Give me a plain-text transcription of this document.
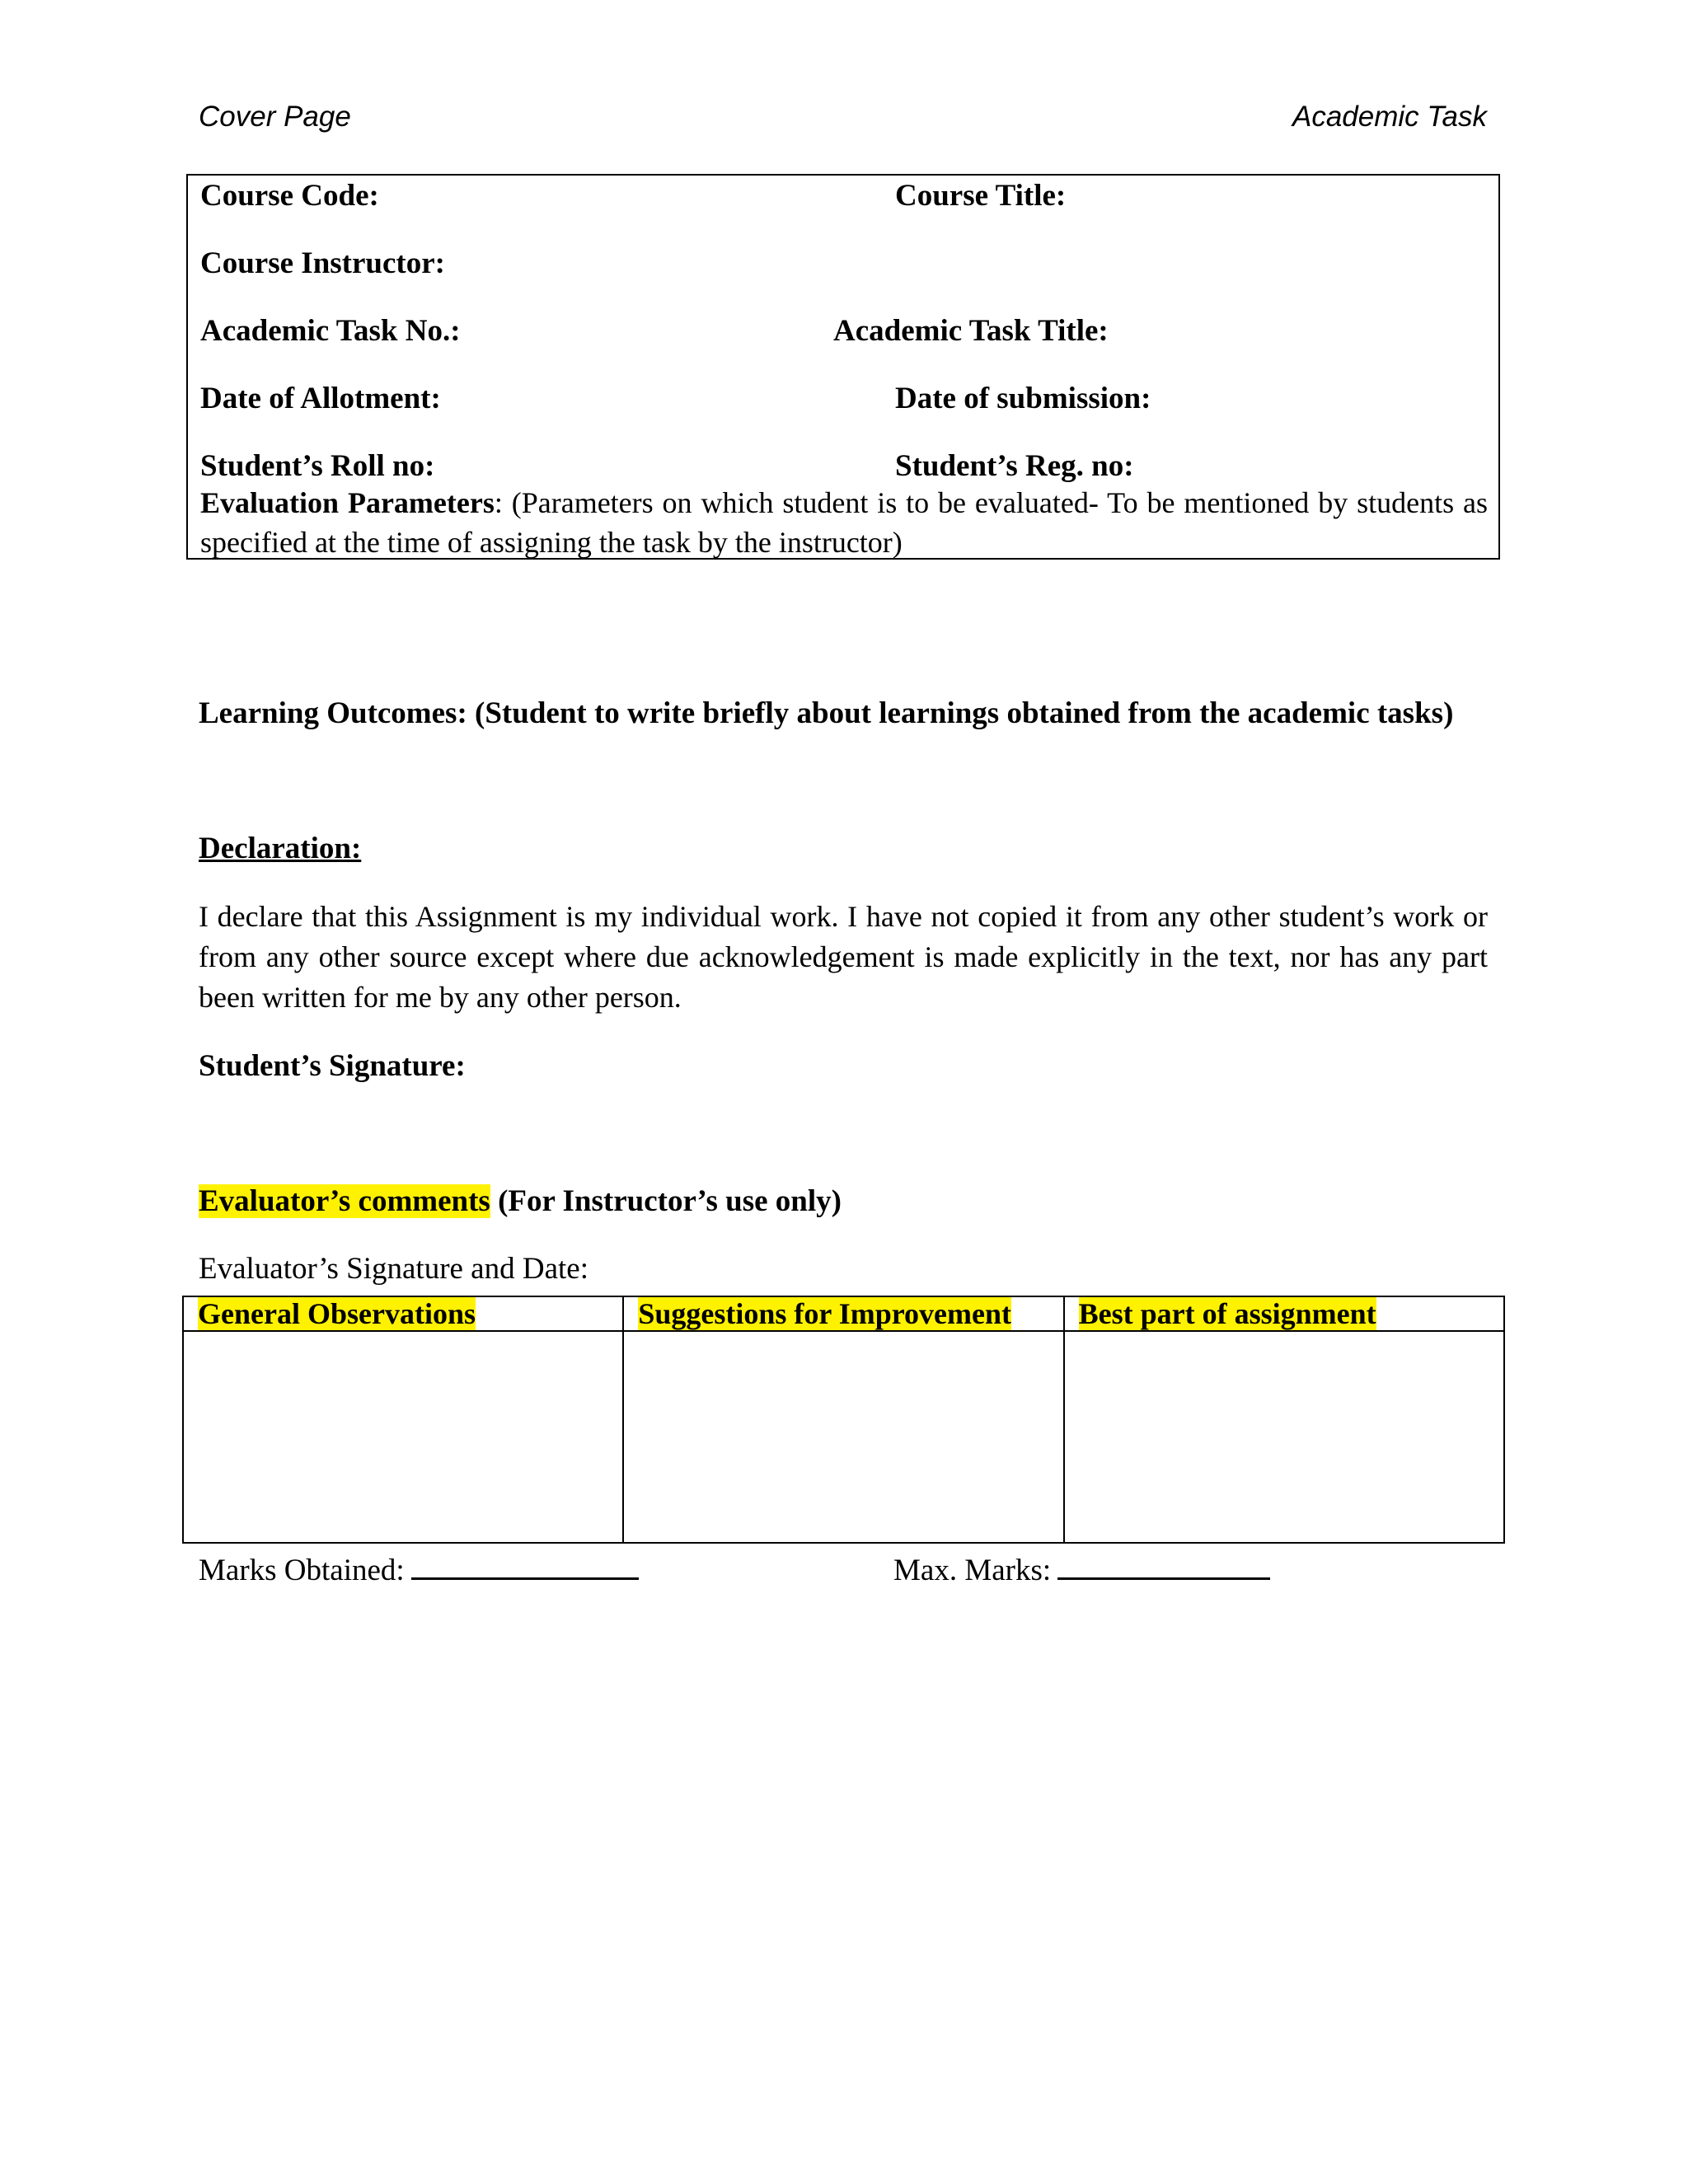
Cover Page	Academic Task
Course Code:	Course Title:
Course Instructor:
Academic Task No.:	Academic Task Title:
Date of Allotment:	Date of submission:
Student’s Roll no:	Student’s Reg. no:
Evaluation Parameters: (Parameters on which student is to be evaluated- To be mentioned by students as specified at the time of assigning the task by the instructor)
Learning Outcomes: (Student to write briefly about learnings obtained from the academic tasks)
Declaration:
I declare that this Assignment is my individual work. I have not copied it from any other student’s work or from any other source except where due acknowledgement is made explicitly in the text, nor has any part been written for me by any other person.
Student’s Signature:
Evaluator’s comments (For Instructor’s use only)
Evaluator’s Signature and Date:
General Observations	Suggestions for Improvement	Best part of assignment

Marks Obtained:	Max. Marks:
